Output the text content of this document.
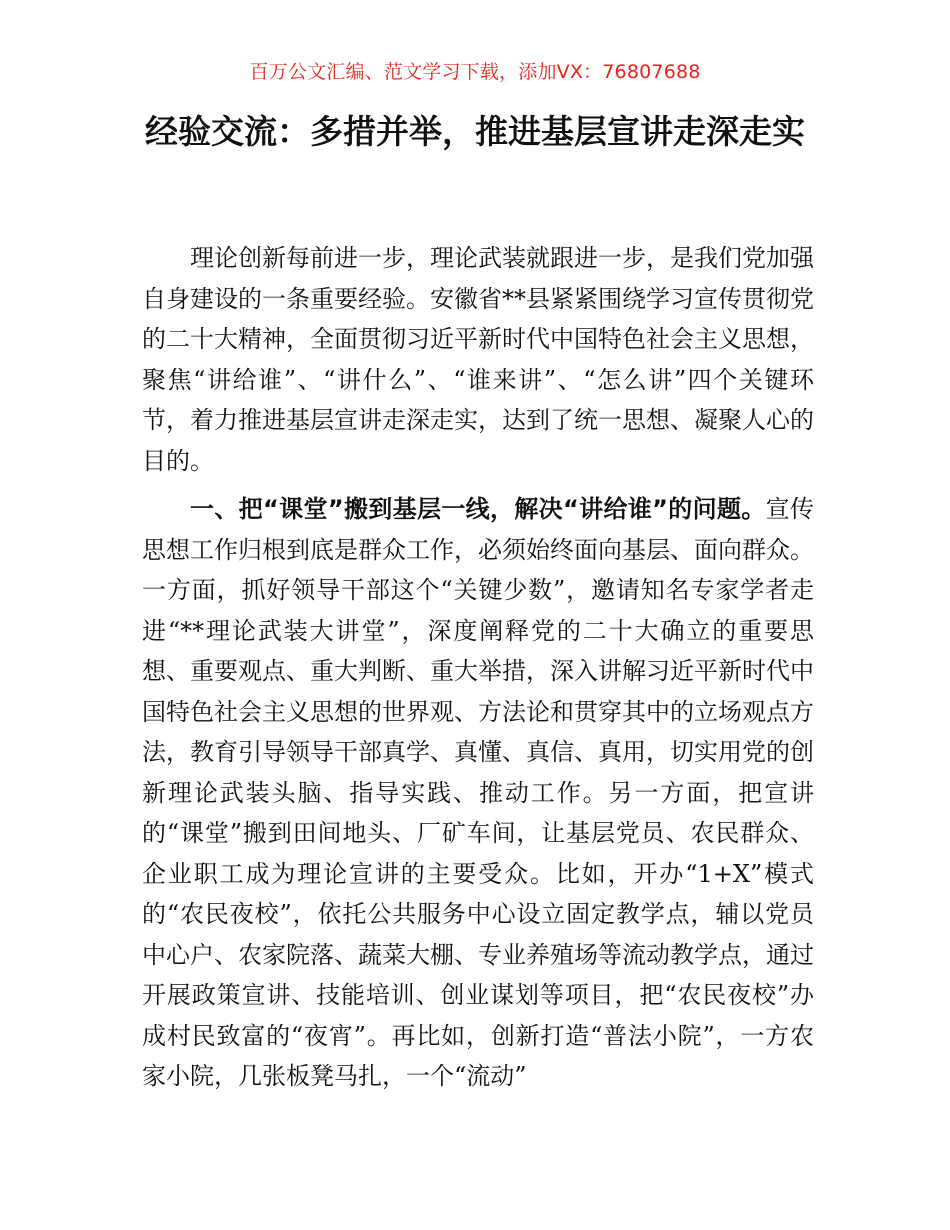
百万公文汇编、范文学习下载，添加VX：76807688
经验交流：多措并举，推进基层宣讲走深走实

理论创新每前进一步，理论武装就跟进一步，是我们党加强自身建设的一条重要经验。安徽省**县紧紧围绕学习宣传贯彻党的二十大精神，全面贯彻习近平新时代中国特色社会主义思想，聚焦“讲给谁”、“讲什么”、“谁来讲”、“怎么讲”四个关键环节，着力推进基层宣讲走深走实，达到了统一思想、凝聚人心的目的。

一、把“课堂”搬到基层一线，解决“讲给谁”的问题。宣传思想工作归根到底是群众工作，必须始终面向基层、面向群众。一方面，抓好领导干部这个“关键少数”，邀请知名专家学者走进“**理论武装大讲堂”，深度阐释党的二十大确立的重要思想、重要观点、重大判断、重大举措，深入讲解习近平新时代中国特色社会主义思想的世界观、方法论和贯穿其中的立场观点方法，教育引导领导干部真学、真懂、真信、真用，切实用党的创新理论武装头脑、指导实践、推动工作。另一方面，把宣讲的“课堂”搬到田间地头、厂矿车间，让基层党员、农民群众、企业职工成为理论宣讲的主要受众。比如，开办“1+X”模式的“农民夜校”，依托公共服务中心设立固定教学点，辅以党员中心户、农家院落、蔬菜大棚、专业养殖场等流动教学点，通过开展政策宣讲、技能培训、创业谋划等项目，把“农民夜校”办成村民致富的“夜宵”。再比如，创新打造“普法小院”，一方农家小院，几张板凳马扎，一个“流动”
